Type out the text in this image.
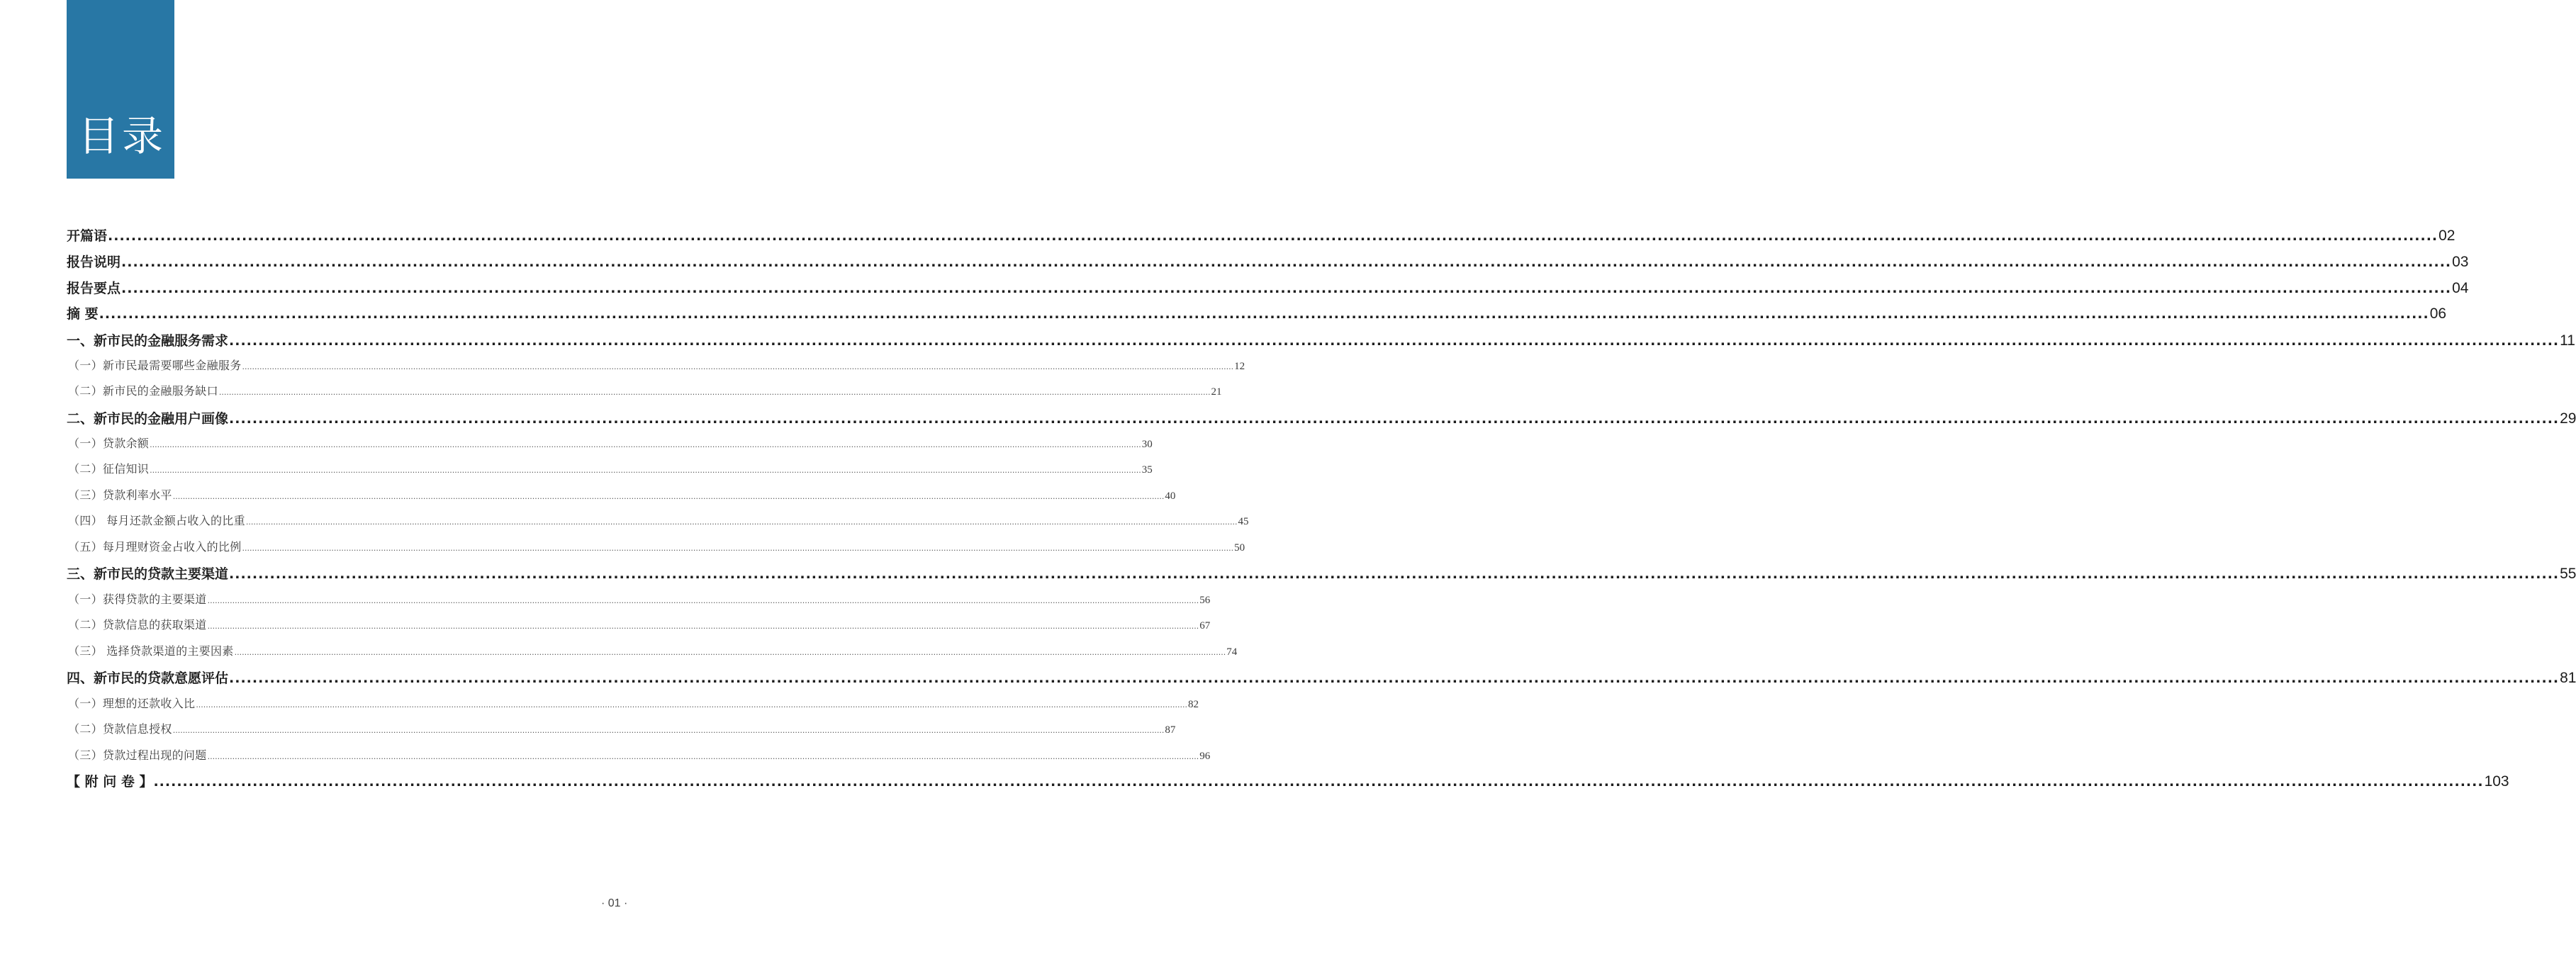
目录
开篇语 ................................................................................................................................................................................................................................................................................................................................................................................................................ 02
报告说明 ................................................................................................................................................................................................................................................................................................................................................................................................................ 03
报告要点 ................................................................................................................................................................................................................................................................................................................................................................................................................ 04
摘 要 ................................................................................................................................................................................................................................................................................................................................................................................................................ 06
一、新市民的金融服务需求 ................................................................................................................................................................................................................................................................................................................................................................................................................ 11
（一）新市民最需要哪些金融服务 ................................................................................................................................................................................................................................................................................................................................................................................................................ 12
（二）新市民的金融服务缺口 ................................................................................................................................................................................................................................................................................................................................................................................................................ 21
二、新市民的金融用户画像 ................................................................................................................................................................................................................................................................................................................................................................................................................ 29
（一）贷款余额 ................................................................................................................................................................................................................................................................................................................................................................................................................ 30
（二）征信知识 ................................................................................................................................................................................................................................................................................................................................................................................................................ 35
（三）贷款利率水平 ................................................................................................................................................................................................................................................................................................................................................................................................................ 40
（四） 每月还款金额占收入的比重 ................................................................................................................................................................................................................................................................................................................................................................................................................ 45
（五）每月理财资金占收入的比例 ................................................................................................................................................................................................................................................................................................................................................................................................................ 50
三、新市民的贷款主要渠道 ................................................................................................................................................................................................................................................................................................................................................................................................................ 55
（一）获得贷款的主要渠道 ................................................................................................................................................................................................................................................................................................................................................................................................................ 56
（二）贷款信息的获取渠道 ................................................................................................................................................................................................................................................................................................................................................................................................................ 67
（三） 选择贷款渠道的主要因素 ................................................................................................................................................................................................................................................................................................................................................................................................................ 74
四、新市民的贷款意愿评估 ................................................................................................................................................................................................................................................................................................................................................................................................................ 81
（一）理想的还款收入比 ................................................................................................................................................................................................................................................................................................................................................................................................................ 82
（二）贷款信息授权 ................................................................................................................................................................................................................................................................................................................................................................................................................ 87
（三）贷款过程出现的问题 ................................................................................................................................................................................................................................................................................................................................................................................................................ 96
【 附 问 卷 】 ................................................................................................................................................................................................................................................................................................................................................................................................................ 103
· 01 ·
